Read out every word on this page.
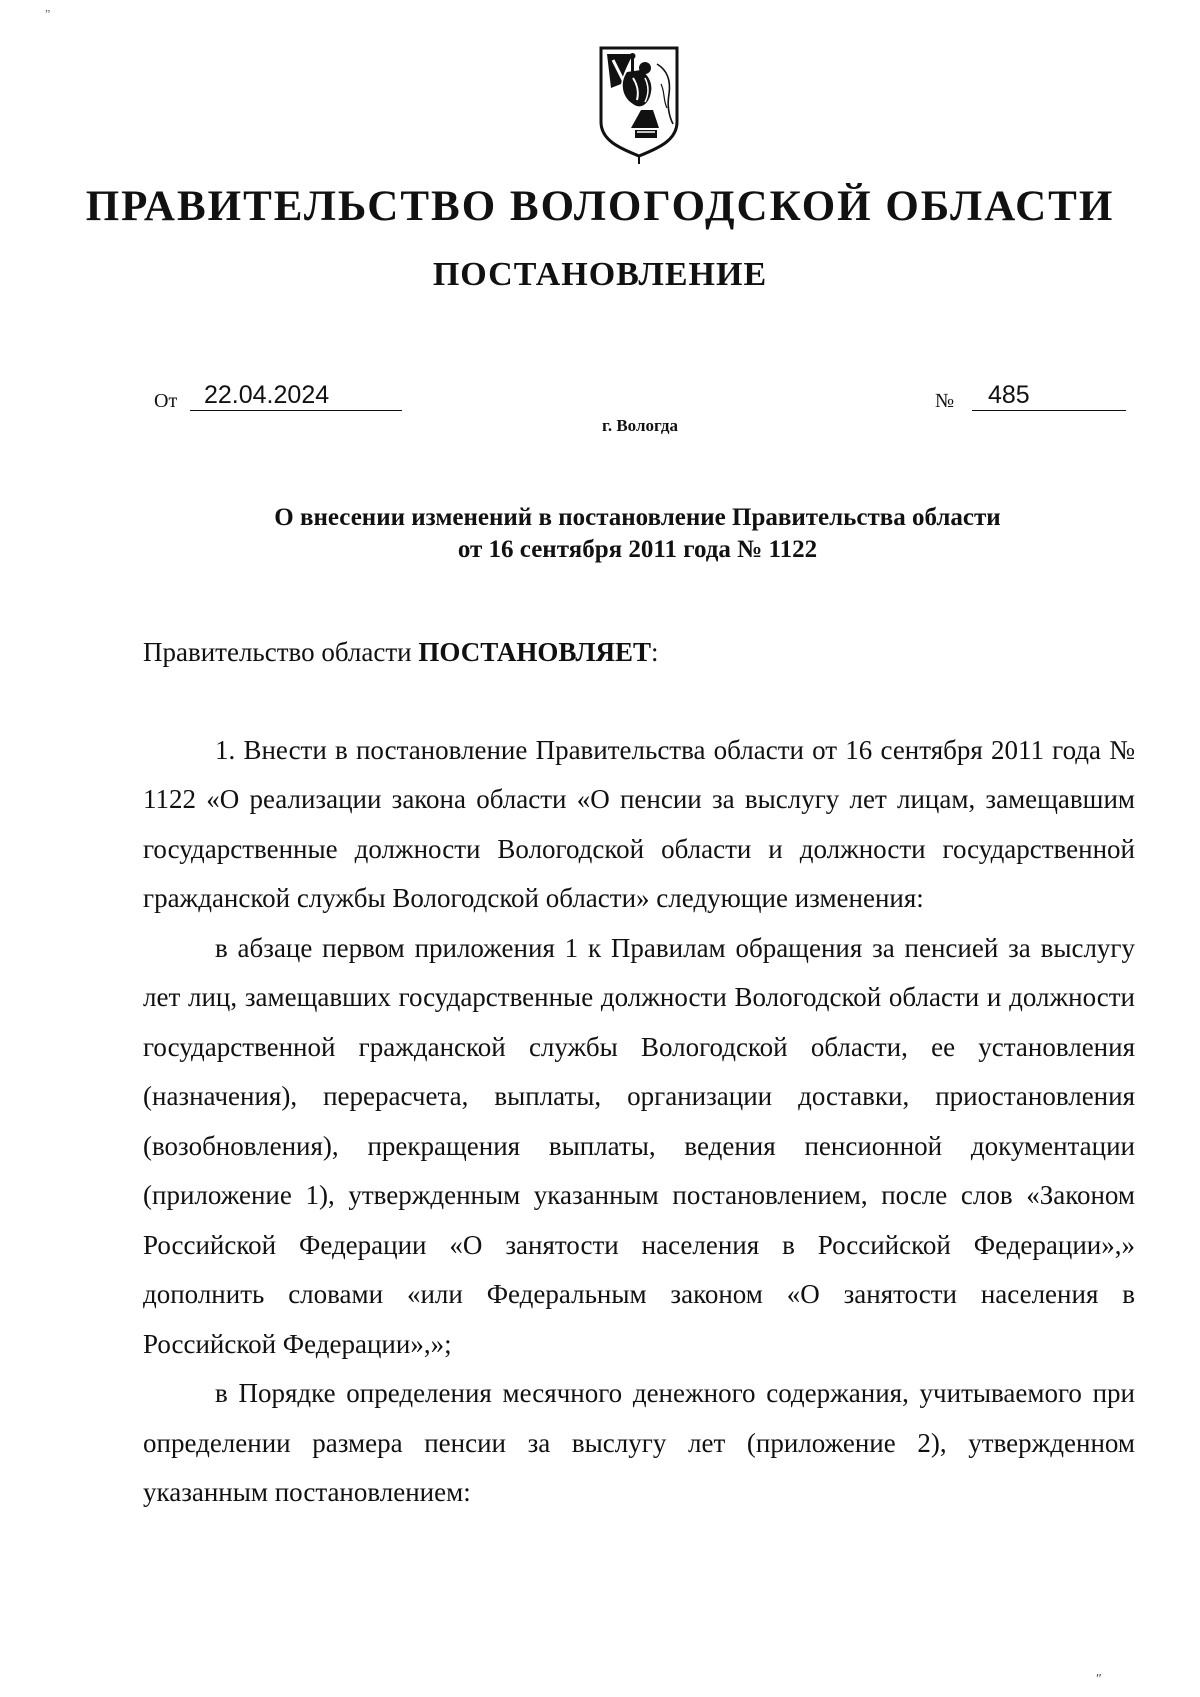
„
ПРАВИТЕЛЬСТВО ВОЛОГОДСКОЙ ОБЛАСТИ
ПОСТАНОВЛЕНИЕ
От	22.04.2024	№	485
г. Вологда
О внесении изменений в постановление Правительства области
от 16 сентября 2011 года № 1122

Правительство области ПОСТАНОВЛЯЕТ:

1. Внести в постановление Правительства области от 16 сентября 2011 года № 1122 «О реализации закона области «О пенсии за выслугу лет лицам, замещавшим государственные должности Вологодской области и должности государственной гражданской службы Вологодской области» следующие изменения:

в абзаце первом приложения 1 к Правилам обращения за пенсией за выслугу лет лиц, замещавших государственные должности Вологодской области и должности государственной гражданской службы Вологодской области, ее установления (назначения), перерасчета, выплаты, организации доставки, приостановления (возобновления), прекращения выплаты, ведения пенсионной документации (приложение 1), утвержденным указанным постановлением, после слов «Законом Российской Федерации «О занятости населения в Российской Федерации»,» дополнить словами «или Федеральным законом «О занятости населения в Российской Федерации»,»;

в Порядке определения месячного денежного содержания, учитываемого при определении размера пенсии за выслугу лет (приложение 2), утвержденном указанным постановлением:

″
